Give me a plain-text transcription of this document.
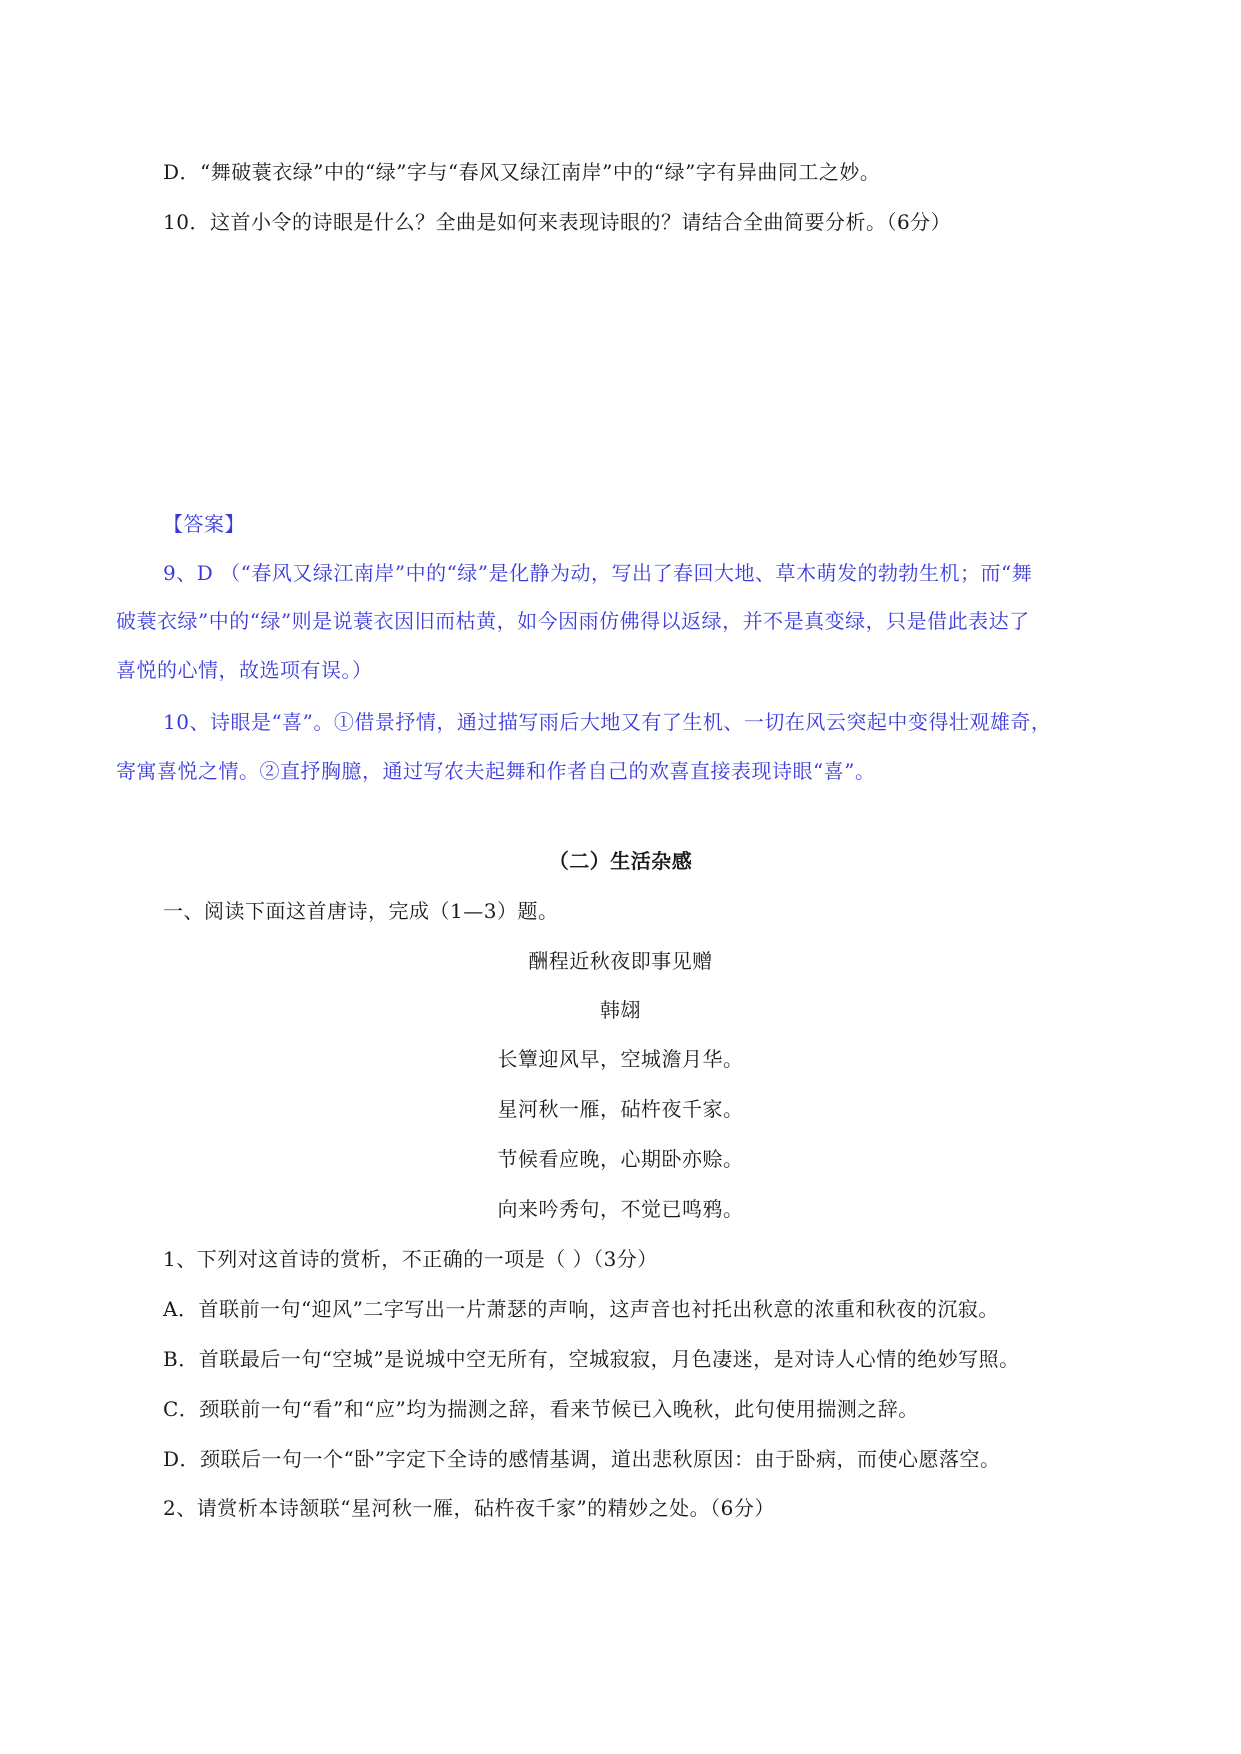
D．“舞破蓑衣绿”中的“绿”字与“春风又绿江南岸”中的“绿”字有异曲同工之妙。
10．这首小令的诗眼是什么？全曲是如何来表现诗眼的？请结合全曲简要分析。（6分）
【答案】
9、D （“春风又绿江南岸”中的“绿”是化静为动，写出了春回大地、草木萌发的勃勃生机；而“舞
破蓑衣绿”中的“绿”则是说蓑衣因旧而枯黄，如今因雨仿佛得以返绿，并不是真变绿，只是借此表达了
喜悦的心情，故选项有误。）
10、诗眼是“喜”。①借景抒情，通过描写雨后大地又有了生机、一切在风云突起中变得壮观雄奇，
寄寓喜悦之情。②直抒胸臆，通过写农夫起舞和作者自己的欢喜直接表现诗眼“喜”。
（二）生活杂感
一、阅读下面这首唐诗，完成（1—3）题。
酬程近秋夜即事见赠
韩翃
长簟迎风早，空城澹月华。
星河秋一雁，砧杵夜千家。
节候看应晚，心期卧亦赊。
向来吟秀句，不觉已鸣鸦。
1、下列对这首诗的赏析，不正确的一项是（ ）（3分）
A．首联前一句“迎风”二字写出一片萧瑟的声响，这声音也衬托出秋意的浓重和秋夜的沉寂。
B．首联最后一句“空城”是说城中空无所有，空城寂寂，月色凄迷，是对诗人心情的绝妙写照。
C．颈联前一句“看”和“应”均为揣测之辞，看来节候已入晚秋，此句使用揣测之辞。
D．颈联后一句一个“卧”字定下全诗的感情基调，道出悲秋原因：由于卧病，而使心愿落空。
2、请赏析本诗颔联“星河秋一雁，砧杵夜千家”的精妙之处。（6分）
